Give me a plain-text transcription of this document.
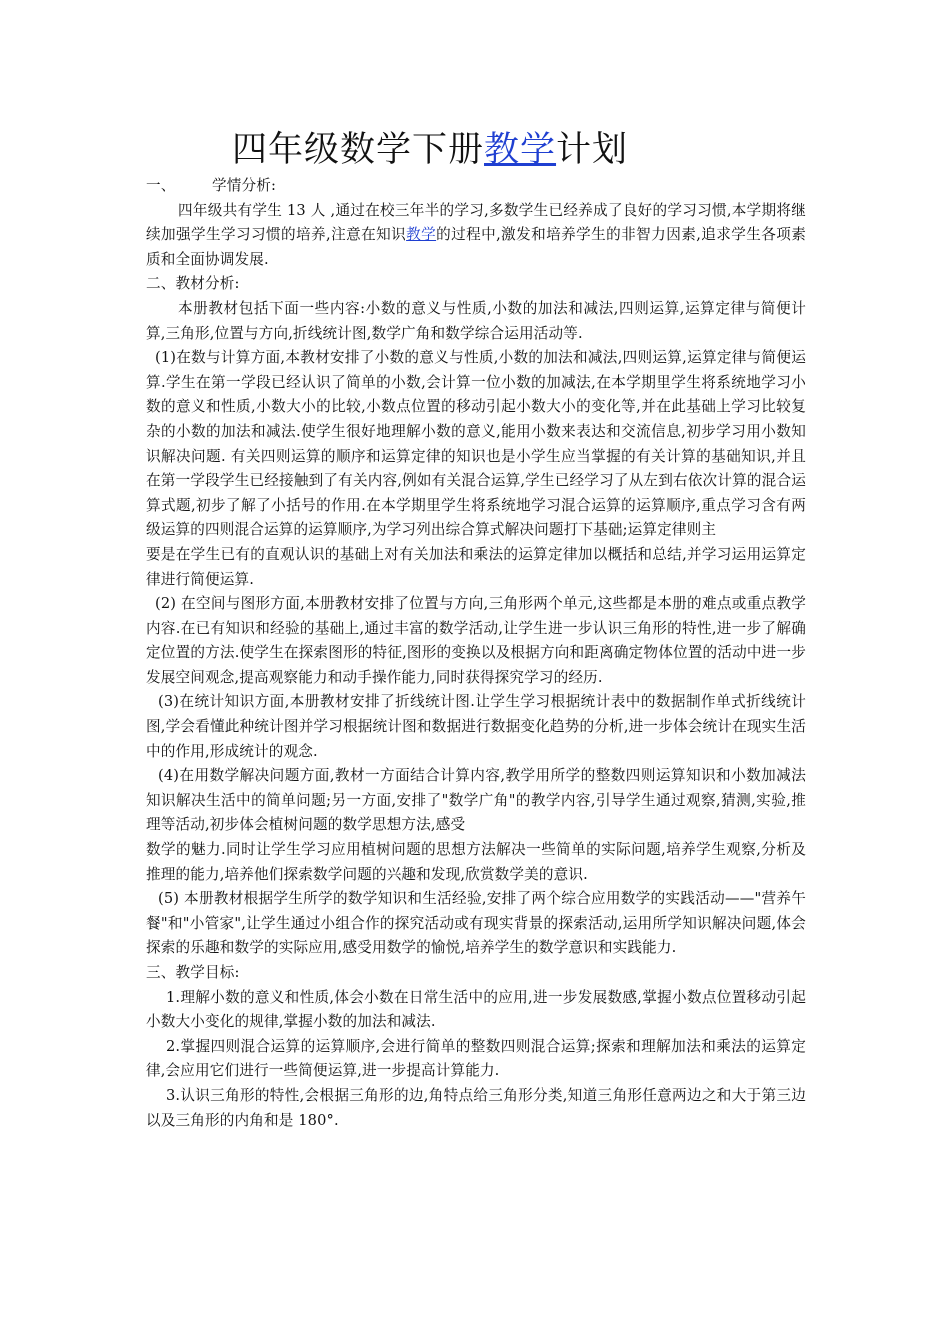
四年级数学下册教学计划

一、	学情分析:

四年级共有学生 13 人 ,通过在校三年半的学习,多数学生已经养成了良好的学习习惯,本学期将继续加强学生学习习惯的培养,注意在知识教学的过程中,激发和培养学生的非智力因素,追求学生各项素质和全面协调发展.

二、教材分析:

本册教材包括下面一些内容:小数的意义与性质,小数的加法和减法,四则运算,运算定律与简便计算,三角形,位置与方向,折线统计图,数学广角和数学综合运用活动等.

(1)在数与计算方面,本教材安排了小数的意义与性质,小数的加法和减法,四则运算,运算定律与简便运算.学生在第一学段已经认识了简单的小数,会计算一位小数的加减法,在本学期里学生将系统地学习小数的意义和性质,小数大小的比较,小数点位置的移动引起小数大小的变化等,并在此基础上学习比较复杂的小数的加法和减法.使学生很好地理解小数的意义,能用小数来表达和交流信息,初步学习用小数知识解决问题. 有关四则运算的顺序和运算定律的知识也是小学生应当掌握的有关计算的基础知识,并且在第一学段学生已经接触到了有关内容,例如有关混合运算,学生已经学习了从左到右依次计算的混合运算式题,初步了解了小括号的作用.在本学期里学生将系统地学习混合运算的运算顺序,重点学习含有两级运算的四则混合运算的运算顺序,为学习列出综合算式解决问题打下基础;运算定律则主

要是在学生已有的直观认识的基础上对有关加法和乘法的运算定律加以概括和总结,并学习运用运算定律进行简便运算.

(2) 在空间与图形方面,本册教材安排了位置与方向,三角形两个单元,这些都是本册的难点或重点教学内容.在已有知识和经验的基础上,通过丰富的数学活动,让学生进一步认识三角形的特性,进一步了解确定位置的方法.使学生在探索图形的特征,图形的变换以及根据方向和距离确定物体位置的活动中进一步发展空间观念,提高观察能力和动手操作能力,同时获得探究学习的经历.

(3)在统计知识方面,本册教材安排了折线统计图.让学生学习根据统计表中的数据制作单式折线统计图,学会看懂此种统计图并学习根据统计图和数据进行数据变化趋势的分析,进一步体会统计在现实生活中的作用,形成统计的观念.

(4)在用数学解决问题方面,教材一方面结合计算内容,教学用所学的整数四则运算知识和小数加减法知识解决生活中的简单问题;另一方面,安排了"数学广角"的教学内容,引导学生通过观察,猜测,实验,推理等活动,初步体会植树问题的数学思想方法,感受

数学的魅力.同时让学生学习应用植树问题的思想方法解决一些简单的实际问题,培养学生观察,分析及推理的能力,培养他们探索数学问题的兴趣和发现,欣赏数学美的意识.

(5) 本册教材根据学生所学的数学知识和生活经验,安排了两个综合应用数学的实践活动——"营养午餐"和"小管家",让学生通过小组合作的探究活动或有现实背景的探索活动,运用所学知识解决问题,体会探索的乐趣和数学的实际应用,感受用数学的愉悦,培养学生的数学意识和实践能力.

三、教学目标:

1.理解小数的意义和性质,体会小数在日常生活中的应用,进一步发展数感,掌握小数点位置移动引起小数大小变化的规律,掌握小数的加法和减法.

2.掌握四则混合运算的运算顺序,会进行简单的整数四则混合运算;探索和理解加法和乘法的运算定律,会应用它们进行一些简便运算,进一步提高计算能力.

3.认识三角形的特性,会根据三角形的边,角特点给三角形分类,知道三角形任意两边之和大于第三边以及三角形的内角和是 180°.
